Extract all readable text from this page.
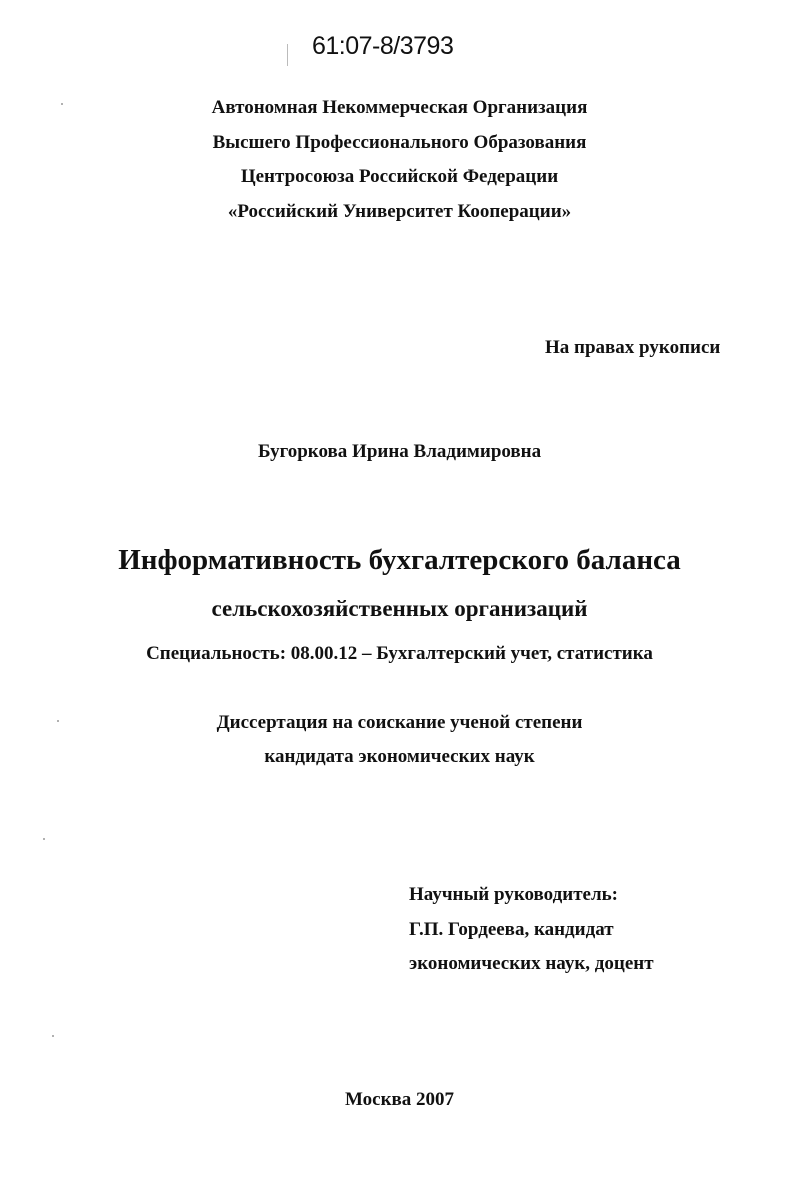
61:07-8/3793
Автономная Некоммерческая Организация
Высшего Профессионального Образования
Центросоюза Российской Федерации
«Российский Университет Кооперации»
На правах рукописи
Бугоркова Ирина Владимировна
Информативность бухгалтерского баланса
сельскохозяйственных организаций
Специальность: 08.00.12 – Бухгалтерский учет, статистика
Диссертация на соискание ученой степени
кандидата экономических наук
Научный руководитель:
Г.П. Гордеева, кандидат
экономических наук, доцент
Москва 2007
